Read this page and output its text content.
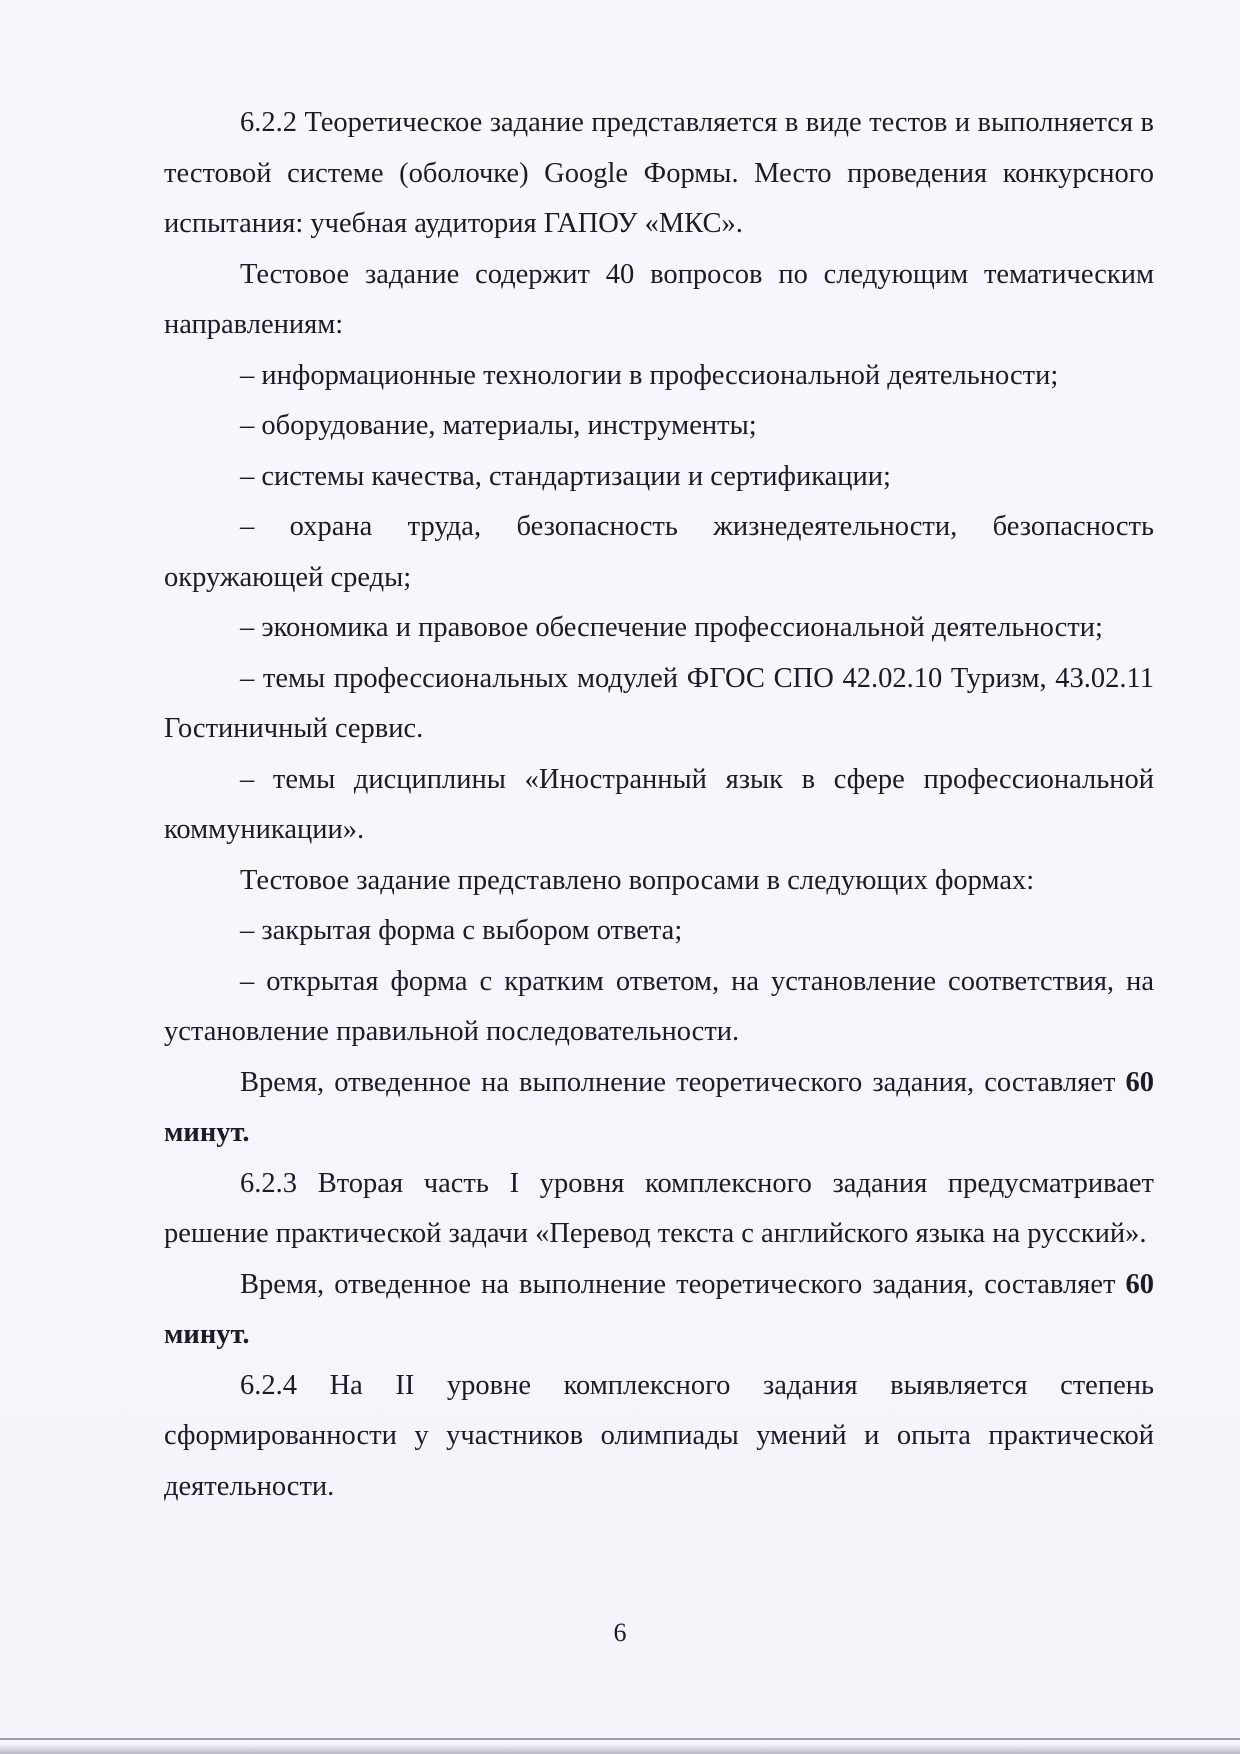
6.2.2 Теоретическое задание представляется в виде тестов и выполняется в тестовой системе (оболочке) Google Формы. Место проведения конкурсного испытания: учебная аудитория ГАПОУ «МКС».

Тестовое задание содержит 40 вопросов по следующим тематическим направлениям:

– информационные технологии в профессиональной деятельности;

– оборудование, материалы, инструменты;

– системы качества, стандартизации и сертификации;

– охрана труда, безопасность жизнедеятельности, безопасность окружающей среды;

– экономика и правовое обеспечение профессиональной деятельности;

– темы профессиональных модулей ФГОС СПО 42.02.10 Туризм, 43.02.11 Гостиничный сервис.

– темы дисциплины «Иностранный язык в сфере профессиональной коммуникации».

Тестовое задание представлено вопросами в следующих формах:

– закрытая форма с выбором ответа;

– открытая форма с кратким ответом, на установление соответствия, на установление правильной последовательности.

Время, отведенное на выполнение теоретического задания, составляет 60 минут.

6.2.3 Вторая часть I уровня комплексного задания предусматривает решение практической задачи «Перевод текста с английского языка на русский».

Время, отведенное на выполнение теоретического задания, составляет 60 минут.

6.2.4 На II уровне комплексного задания выявляется степень сформированности у участников олимпиады умений и опыта практической деятельности.

6
